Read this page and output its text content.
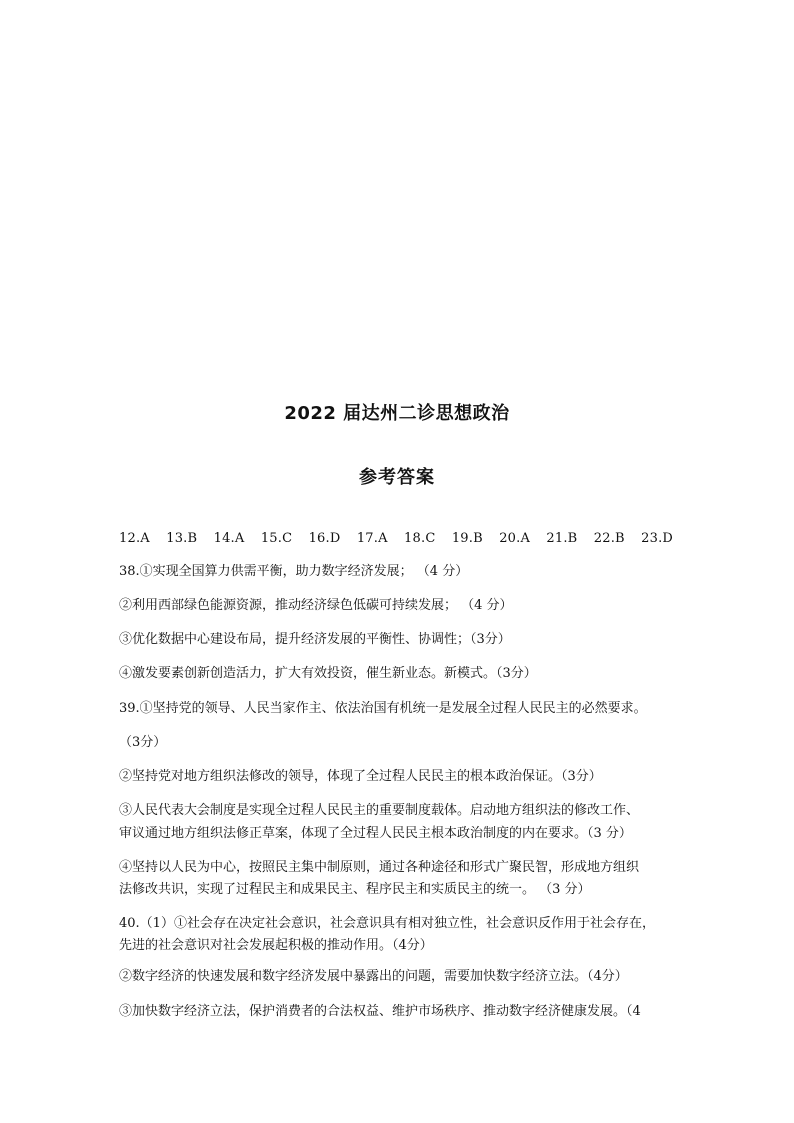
2022 届达州二诊思想政治
参考答案
12.A 13.B 14.A 15.C 16.D 17.A 18.C 19.B 20.A 21.B 22.B 23.D
38.①实现全国算力供需平衡，助力数字经济发展； （4 分）
②利用西部绿色能源资源，推动经济绿色低碳可持续发展； （4 分）
③优化数据中心建设布局，提升经济发展的平衡性、协调性；（3分）
④激发要素创新创造活力，扩大有效投资，催生新业态。新模式。（3分）
39.①坚持党的领导、人民当家作主、依法治国有机统一是发展全过程人民民主的必然要求。
（3分）
②坚持党对地方组织法修改的领导，体现了全过程人民民主的根本政治保证。（3分）
③人民代表大会制度是实现全过程人民民主的重要制度载体。启动地方组织法的修改工作、
审议通过地方组织法修正草案，体现了全过程人民民主根本政治制度的内在要求。（3 分）
④坚持以人民为中心，按照民主集中制原则，通过各种途径和形式广聚民智，形成地方组织
法修改共识，实现了过程民主和成果民主、程序民主和实质民主的统一。 （3 分）
40.（1）①社会存在决定社会意识，社会意识具有相对独立性，社会意识反作用于社会存在，
先进的社会意识对社会发展起积极的推动作用。（4分）
②数字经济的快速发展和数字经济发展中暴露出的问题，需要加快数字经济立法。（4分）
③加快数字经济立法，保护消费者的合法权益、维护市场秩序、推动数字经济健康发展。（4
